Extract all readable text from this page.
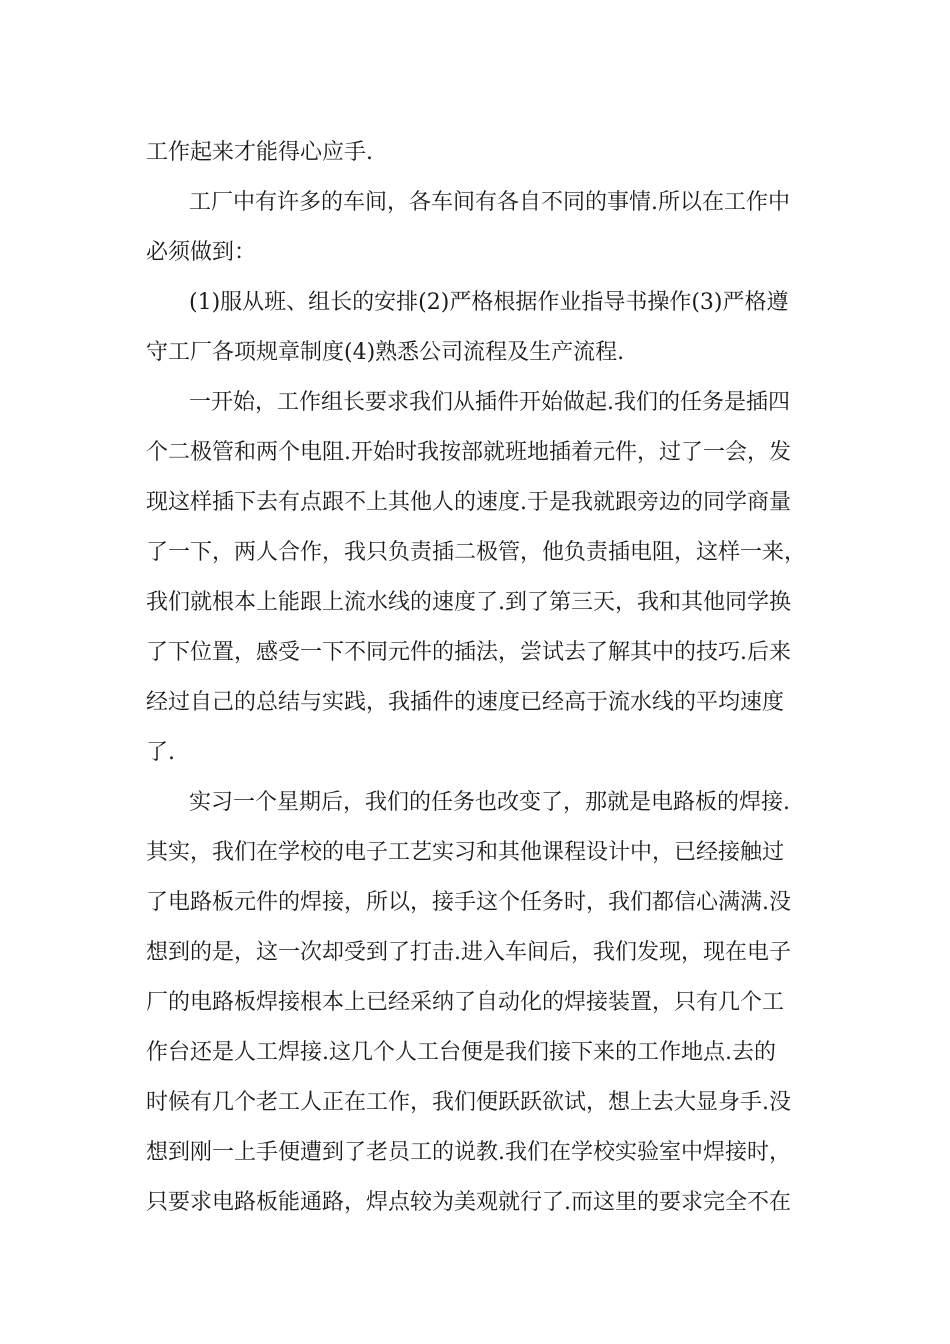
工作起来才能得心应手.
工厂中有许多的车间，各车间有各自不同的事情.所以在工作中
必须做到：
(1)服从班、组长的安排(2)严格根据作业指导书操作(3)严格遵
守工厂各项规章制度(4)熟悉公司流程及生产流程.
一开始，工作组长要求我们从插件开始做起.我们的任务是插四
个二极管和两个电阻.开始时我按部就班地插着元件，过了一会，发
现这样插下去有点跟不上其他人的速度.于是我就跟旁边的同学商量
了一下，两人合作，我只负责插二极管，他负责插电阻，这样一来，
我们就根本上能跟上流水线的速度了.到了第三天，我和其他同学换
了下位置，感受一下不同元件的插法，尝试去了解其中的技巧.后来
经过自己的总结与实践，我插件的速度已经高于流水线的平均速度
了.
实习一个星期后，我们的任务也改变了，那就是电路板的焊接.
其实，我们在学校的电子工艺实习和其他课程设计中，已经接触过
了电路板元件的焊接，所以，接手这个任务时，我们都信心满满.没
想到的是，这一次却受到了打击.进入车间后，我们发现，现在电子
厂的电路板焊接根本上已经采纳了自动化的焊接装置，只有几个工
作台还是人工焊接.这几个人工台便是我们接下来的工作地点.去的
时候有几个老工人正在工作，我们便跃跃欲试，想上去大显身手.没
想到刚一上手便遭到了老员工的说教.我们在学校实验室中焊接时，
只要求电路板能通路，焊点较为美观就行了.而这里的要求完全不在
